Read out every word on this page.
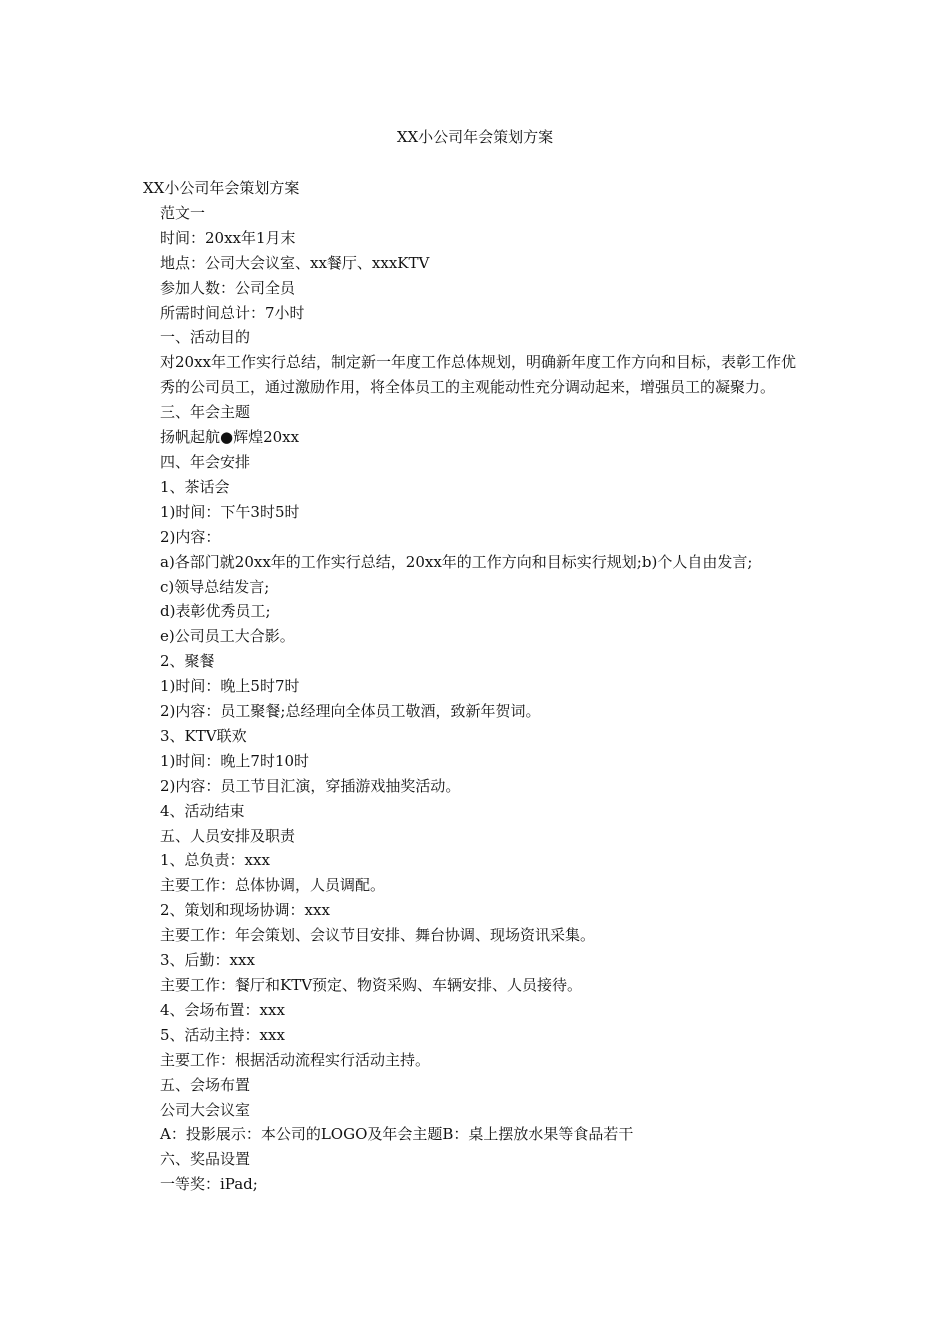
XX小公司年会策划方案

XX小公司年会策划方案

范文一

时间：20xx年1月末

地点：公司大会议室、xx餐厅、xxxKTV

参加人数：公司全员

所需时间总计：7小时

一、活动目的

对20xx年工作实行总结，制定新一年度工作总体规划，明确新年度工作方向和目标，表彰工作优秀的公司员工，通过激励作用，将全体员工的主观能动性充分调动起来，增强员工的凝聚力。

三、年会主题

扬帆起航●辉煌20xx

四、年会安排

1、茶话会

1)时间：下午3时5时

2)内容：

a)各部门就20xx年的工作实行总结，20xx年的工作方向和目标实行规划;b)个人自由发言;

c)领导总结发言;

d)表彰优秀员工;

e)公司员工大合影。

2、聚餐

1)时间：晚上5时7时

2)内容：员工聚餐;总经理向全体员工敬酒，致新年贺词。

3、KTV联欢

1)时间：晚上7时10时

2)内容：员工节目汇演，穿插游戏抽奖活动。

4、活动结束

五、人员安排及职责

1、总负责：xxx

主要工作：总体协调，人员调配。

2、策划和现场协调：xxx

主要工作：年会策划、会议节目安排、舞台协调、现场资讯采集。

3、后勤：xxx

主要工作：餐厅和KTV预定、物资采购、车辆安排、人员接待。

4、会场布置：xxx

5、活动主持：xxx

主要工作：根据活动流程实行活动主持。

五、会场布置

公司大会议室

A：投影展示：本公司的LOGO及年会主题B：桌上摆放水果等食品若干

六、奖品设置

一等奖：iPad;
